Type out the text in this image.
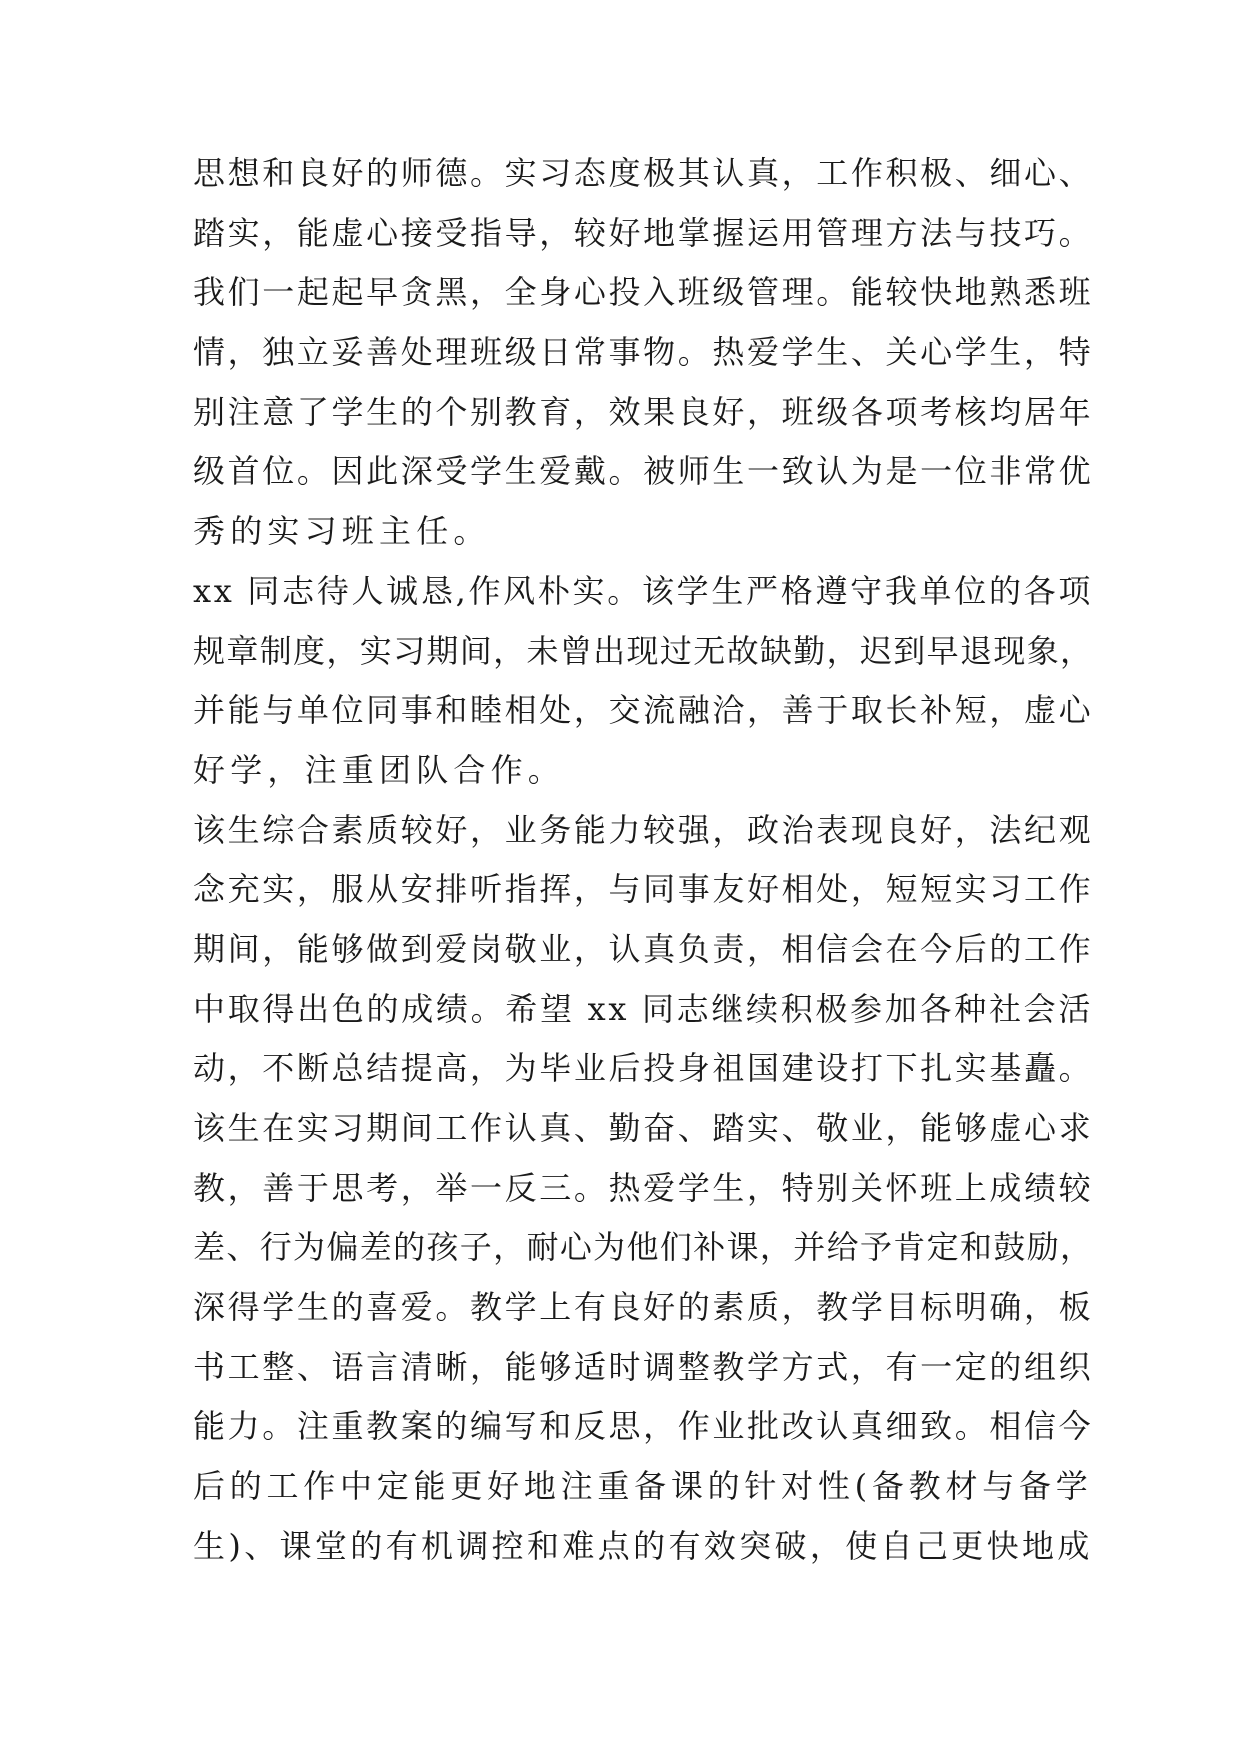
思想和良好的师德。实习态度极其认真，工作积极、细心、
踏实，能虚心接受指导，较好地掌握运用管理方法与技巧。
我们一起起早贪黑，全身心投入班级管理。能较快地熟悉班
情，独立妥善处理班级日常事物。热爱学生、关心学生，特
别注意了学生的个别教育，效果良好，班级各项考核均居年
级首位。因此深受学生爱戴。被师生一致认为是一位非常优
秀的实习班主任。
xx 同志待人诚恳,作风朴实。该学生严格遵守我单位的各项
规章制度，实习期间，未曾出现过无故缺勤，迟到早退现象，
并能与单位同事和睦相处，交流融洽，善于取长补短，虚心
好学，注重团队合作。
该生综合素质较好，业务能力较强，政治表现良好，法纪观
念充实，服从安排听指挥，与同事友好相处，短短实习工作
期间，能够做到爱岗敬业，认真负责，相信会在今后的工作
中取得出色的成绩。希望 xx 同志继续积极参加各种社会活
动，不断总结提高，为毕业后投身祖国建设打下扎实基矗。
该生在实习期间工作认真、勤奋、踏实、敬业，能够虚心求
教，善于思考，举一反三。热爱学生，特别关怀班上成绩较
差、行为偏差的孩子，耐心为他们补课，并给予肯定和鼓励，
深得学生的喜爱。教学上有良好的素质，教学目标明确，板
书工整、语言清晰，能够适时调整教学方式，有一定的组织
能力。注重教案的编写和反思，作业批改认真细致。相信今
后的工作中定能更好地注重备课的针对性(备教材与备学
生)、课堂的有机调控和难点的有效突破，使自己更快地成
